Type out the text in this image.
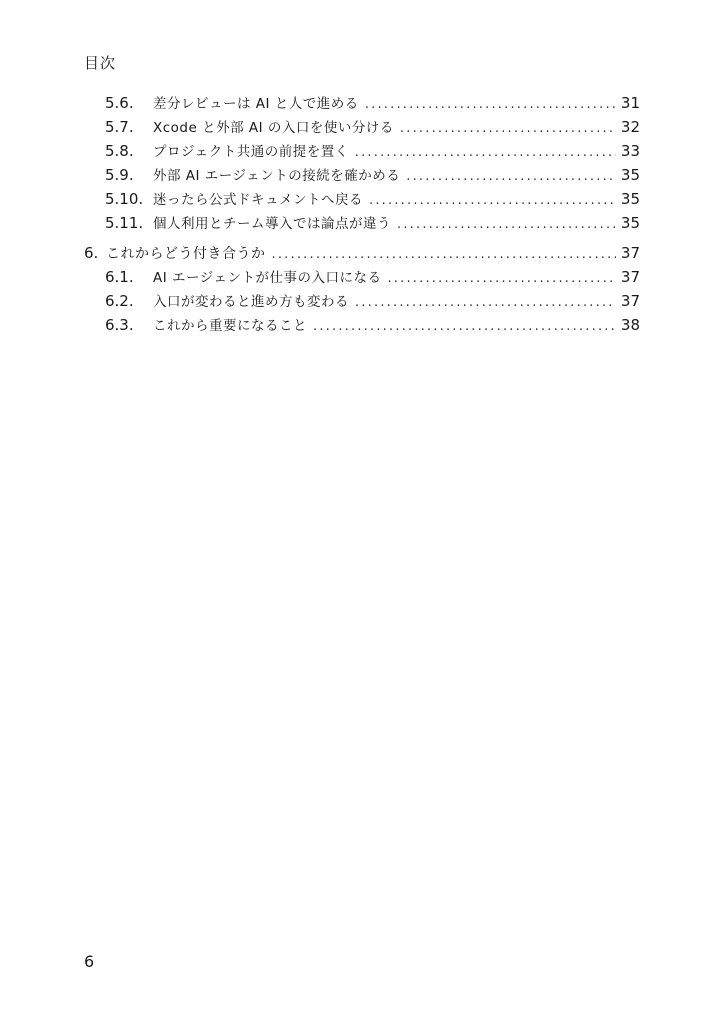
目次
5.6.	差分レビューは AI と人で進める .....	31
5.7.	Xcode と外部 AI の入口を使い分ける .....	32
5.8.	プロジェクト共通の前提を置く .....	33
5.9.	外部 AI エージェントの接続を確かめる .....	35
5.10. 迷ったら公式ドキュメントへ戻る .....	35
5.11. 個人利用とチーム導入では論点が違う .....	35
6. これからどう付き合うか .....	37
6.1.	AI エージェントが仕事の入口になる .....	37
6.2.	入口が変わると進め方も変わる .....	37
6.3.	これから重要になること .....	38
6
